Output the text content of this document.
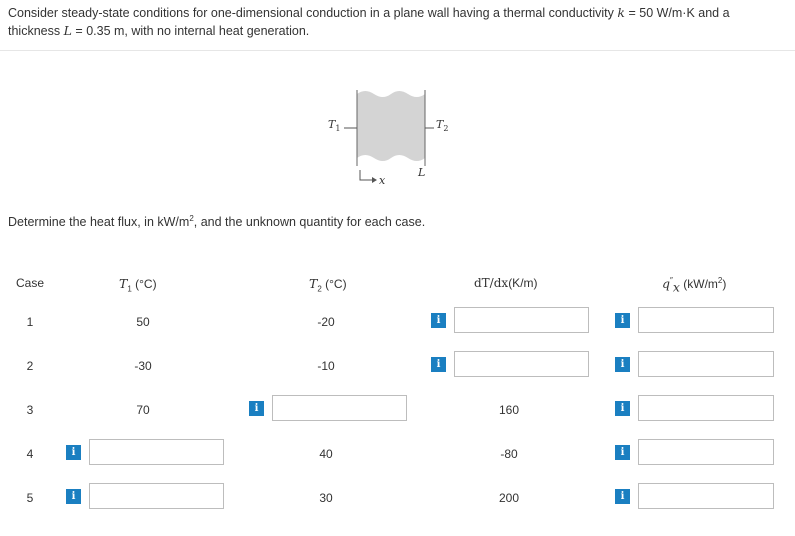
Consider steady-state conditions for one-dimensional conduction in a plane wall having a thermal conductivity k = 50 W/m·K and a
thickness L = 0.35 m, with no internal heat generation.
$T_1$	$T_2$
x
L
Determine the heat flux, in $kW/m^2$, and the unknown quantity for each case.
Case	$T_1$ (°C)	$T_2$ (°C)	dT/dx(K/m)	$q''_x$ $(kW/m^2)$
1	50	-20	i	i
2	-30	-10	i	i
3	70	i	160	i
4	i	40	-80	i
5	i	30	200	i
